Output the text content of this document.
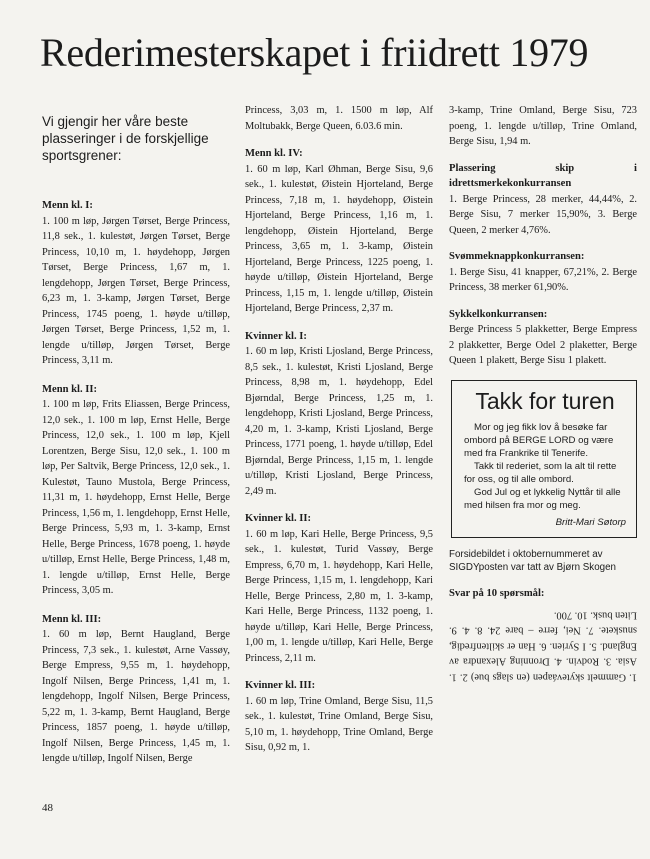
Rederimesterskapet i friidrett 1979

Vi gjengir her våre beste plasseringer i de forskjellige sportsgrener:

Menn kl. I:

1. 100 m løp, Jørgen Tørset, Berge Princess, 11,8 sek., 1. kulestøt, Jørgen Tørset, Berge Princess, 10,10 m, 1. høydehopp, Jørgen Tørset, Berge Princess, 1,67 m, 1. lengdehopp, Jørgen Tørset, Berge Princess, 6,23 m, 1. 3-kamp, Jørgen Tørset, Berge Princess, 1745 poeng, 1. høyde u/tilløp, Jørgen Tørset, Berge Princess, 1,52 m, 1. lengde u/tilløp, Jørgen Tørset, Berge Princess, 3,11 m.

Menn kl. II:

1. 100 m løp, Frits Eliassen, Berge Princess, 12,0 sek., 1. 100 m løp, Ernst Helle, Berge Princess, 12,0 sek., 1. 100 m løp, Kjell Lorentzen, Berge Sisu, 12,0 sek., 1. 100 m løp, Per Saltvik, Berge Princess, 12,0 sek., 1. Kulestøt, Tauno Mustola, Berge Princess, 11,31 m, 1. høydehopp, Ernst Helle, Berge Princess, 1,56 m, 1. lengdehopp, Ernst Helle, Berge Princess, 5,93 m, 1. 3-kamp, Ernst Helle, Berge Princess, 1678 poeng, 1. høyde u/tilløp, Ernst Helle, Berge Princess, 1,48 m, 1. lengde u/tilløp, Ernst Helle, Berge Princess, 3,05 m.

Menn kl. III:

1. 60 m løp, Bernt Haugland, Berge Princess, 7,3 sek., 1. kulestøt, Arne Vassøy, Berge Empress, 9,55 m, 1. høydehopp, Ingolf Nilsen, Berge Princess, 1,41 m, 1. lengdehopp, Ingolf Nilsen, Berge Princess, 5,22 m, 1. 3-kamp, Bernt Haugland, Berge Princess, 1857 poeng, 1. høyde u/tilløp, Ingolf Nilsen, Berge Princess, 1,45 m, 1. lengde u/tilløp, Ingolf Nilsen, Berge

Princess, 3,03 m, 1. 1500 m løp, Alf Moltubakk, Berge Queen, 6.03.6 min.

Menn kl. IV:

1. 60 m løp, Karl Øhman, Berge Sisu, 9,6 sek., 1. kulestøt, Øistein Hjorteland, Berge Princess, 7,18 m, 1. høydehopp, Øistein Hjorteland, Berge Princess, 1,16 m, 1. lengdehopp, Øistein Hjorteland, Berge Princess, 3,65 m, 1. 3-kamp, Øistein Hjorteland, Berge Princess, 1225 poeng, 1. høyde u/tilløp, Øistein Hjorteland, Berge Princess, 1,15 m, 1. lengde u/tilløp, Øistein Hjorteland, Berge Princess, 2,37 m.

Kvinner kl. I:

1. 60 m løp, Kristi Ljosland, Berge Princess, 8,5 sek., 1. kulestøt, Kristi Ljosland, Berge Princess, 8,98 m, 1. høydehopp, Edel Bjørndal, Berge Princess, 1,25 m, 1. lengdehopp, Kristi Ljosland, Berge Princess, 4,20 m, 1. 3-kamp, Kristi Ljosland, Berge Princess, 1771 poeng, 1. høyde u/tilløp, Edel Bjørndal, Berge Princess, 1,15 m, 1. lengde u/tilløp, Kristi Ljosland, Berge Princess, 2,49 m.

Kvinner kl. II:

1. 60 m løp, Kari Helle, Berge Princess, 9,5 sek., 1. kulestøt, Turid Vassøy, Berge Empress, 6,70 m, 1. høydehopp, Kari Helle, Berge Princess, 1,15 m, 1. lengdehopp, Kari Helle, Berge Princess, 2,80 m, 1. 3-kamp, Kari Helle, Berge Princess, 1132 poeng, 1. høyde u/tilløp, Kari Helle, Berge Princess, 1,00 m, 1. lengde u/tilløp, Kari Helle, Berge Princess, 2,11 m.

Kvinner kl. III:

1. 60 m løp, Trine Omland, Berge Sisu, 11,5 sek., 1. kulestøt, Trine Omland, Berge Sisu, 5,10 m, 1. høydehopp, Trine Omland, Berge Sisu, 0,92 m, 1.

3-kamp, Trine Omland, Berge Sisu, 723 poeng, 1. lengde u/tilløp, Trine Omland, Berge Sisu, 1,94 m.

Plassering skip i idrettsmerkekonkurransen

1. Berge Princess, 28 merker, 44,44%, 2. Berge Sisu, 7 merker 15,90%, 3. Berge Queen, 2 merker 4,76%.

Svømmeknappkonkurransen:

1. Berge Sisu, 41 knapper, 67,21%, 2. Berge Princess, 38 merker 61,90%.

Sykkelkonkurransen:

Berge Princess 5 plakketter, Berge Empress 2 plakketter, Berge Odel 2 plaketter, Berge Queen 1 plakett, Berge Sisu 1 plakett.

Takk for turen

Mor og jeg fikk lov å besøke far ombord på BERGE LORD og være med fra Frankrike til Tenerife.

Takk til rederiet, som la alt til rette for oss, og til alle ombord.

God Jul og et lykkelig Nyttår til alle med hilsen fra mor og meg.

Britt-Mari Søtorp

Forsidebildet i oktobernummeret av SIGDYposten var tatt av Bjørn Skogen

Svar på 10 spørsmål:

1. Gammelt skyteváapen (en slags bue) 2. 1. Asia. 3. Rodvin. 4. Dronning Alexandra av England. 5. I Syrien. 6. Han er skiltenfredig, snuskete. 7. Nei, ferre – bare 24. 8. 4. 9. Liten busk. 10. 700.

48
